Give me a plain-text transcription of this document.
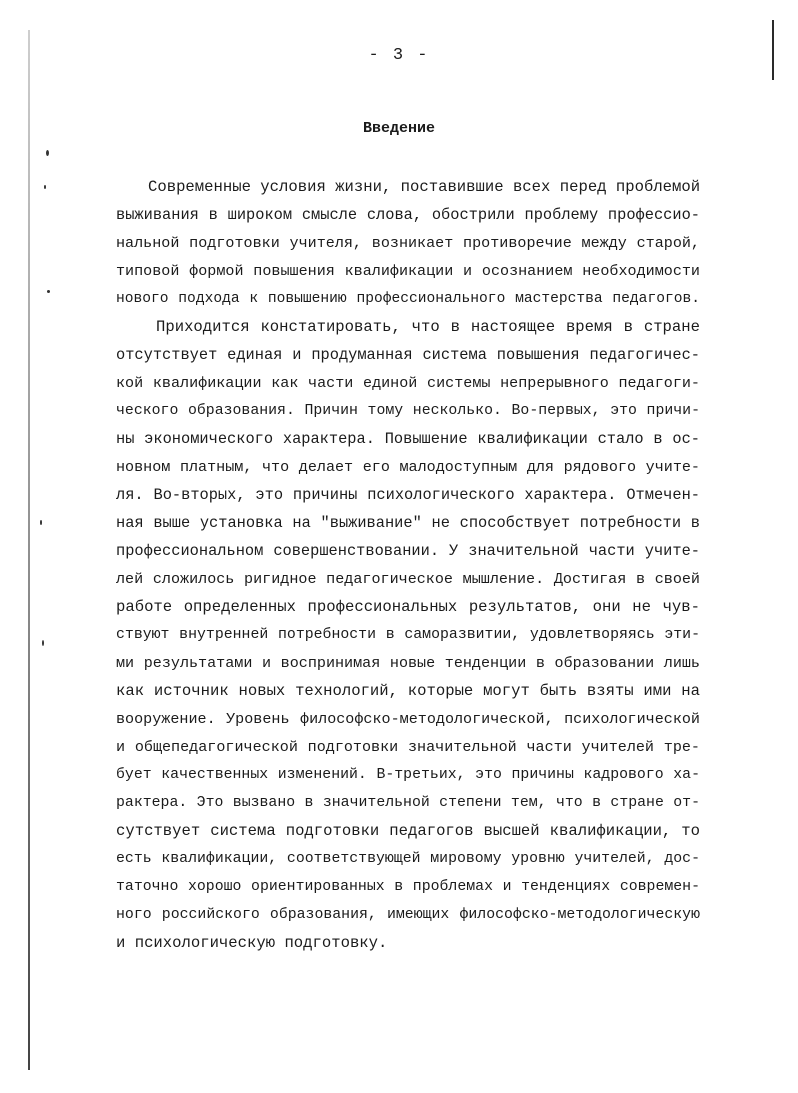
- 3 -
Введение
Современные условия жизни, поставившие всех перед проблемой
выживания в широком смысле слова, обострили проблему профессио-
нальной подготовки учителя, возникает противоречие между старой,
типовой формой повышения квалификации и осознанием необходимости
нового подхода к повышению профессионального мастерства педагогов.
Приходится констатировать, что в настоящее время в стране
отсутствует единая и продуманная система повышения педагогичес-
кой квалификации как части единой системы непрерывного педагоги-
ческого образования. Причин тому несколько. Во-первых, это причи-
ны экономического характера. Повышение квалификации стало в ос-
новном платным, что делает его малодоступным для рядового учите-
ля. Во-вторых, это причины психологического характера. Отмечен-
ная выше установка на "выживание" не способствует потребности в
профессиональном совершенствовании. У значительной части учите-
лей сложилось ригидное педагогическое мышление. Достигая в своей
работе определенных профессиональных результатов, они не чув-
ствуют внутренней потребности в саморазвитии, удовлетворяясь эти-
ми результатами и воспринимая новые тенденции в образовании лишь
как источник новых технологий, которые могут быть взяты ими на
вооружение. Уровень философско-методологической, психологической
и общепедагогической подготовки значительной части учителей тре-
бует качественных изменений. В-третьих, это причины кадрового ха-
рактера. Это вызвано в значительной степени тем, что в стране от-
сутствует система подготовки педагогов высшей квалификации, то
есть квалификации, соответствующей мировому уровню учителей, дос-
таточно хорошо ориентированных в проблемах и тенденциях современ-
ного российского образования, имеющих философско-методологическую
и психологическую подготовку.
